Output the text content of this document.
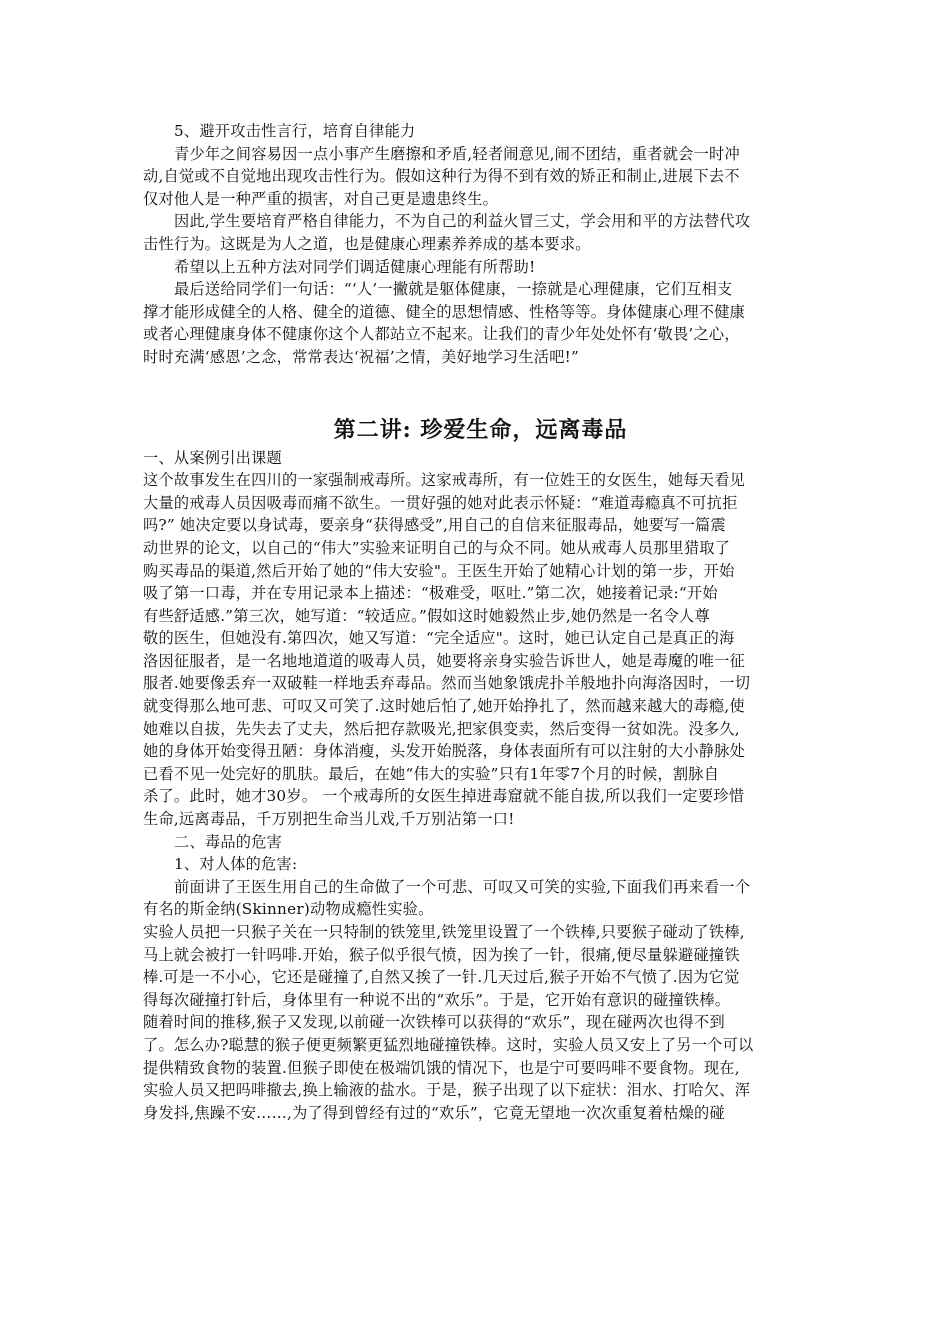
5、避开攻击性言行，培育自律能力
青少年之间容易因一点小事产生磨擦和矛盾,轻者闹意见,闹不团结，重者就会一时冲
动,自觉或不自觉地出现攻击性行为。假如这种行为得不到有效的矫正和制止,进展下去不
仅对他人是一种严重的损害，对自己更是遗患终生。
因此,学生要培育严格自律能力，不为自己的利益火冒三丈，学会用和平的方法替代攻
击性行为。这既是为人之道，也是健康心理素养养成的基本要求。
希望以上五种方法对同学们调适健康心理能有所帮助!
最后送给同学们一句话：“‘人’一撇就是躯体健康，一捺就是心理健康，它们互相支
撑才能形成健全的人格、健全的道德、健全的思想情感、性格等等。身体健康心理不健康
或者心理健康身体不健康你这个人都站立不起来。让我们的青少年处处怀有‘敬畏’之心，
时时充满‘感恩’之念，常常表达‘祝福’之情，美好地学习生活吧!”
第二讲: 珍爱生命，远离毒品
一、从案例引出课题
这个故事发生在四川的一家强制戒毒所。这家戒毒所，有一位姓王的女医生，她每天看见
大量的戒毒人员因吸毒而痛不欲生。一贯好强的她对此表示怀疑：“难道毒瘾真不可抗拒
吗?” 她决定要以身试毒，要亲身“获得感受”,用自己的自信来征服毒品，她要写一篇震
动世界的论文，以自己的“伟大”实验来证明自己的与众不同。她从戒毒人员那里猎取了
购买毒品的渠道,然后开始了她的“伟大安验"。王医生开始了她精心计划的第一步，开始
吸了第一口毒，并在专用记录本上描述：“极难受，呕吐.”第二次，她接着记录:“开始
有些舒适感.”第三次，她写道：“较适应。”假如这时她毅然止步,她仍然是一名令人尊
敬的医生，但她没有.第四次，她又写道：“完全适应"。这时，她已认定自己是真正的海
洛因征服者，是一名地地道道的吸毒人员，她要将亲身实验告诉世人，她是毒魔的唯一征
服者.她要像丢弃一双破鞋一样地丢弃毒品。然而当她象饿虎扑羊般地扑向海洛因时，一切
就变得那么地可悲、可叹又可笑了.这时她后怕了,她开始挣扎了，然而越来越大的毒瘾,使
她难以自拔，先失去了丈夫，然后把存款吸光,把家俱变卖，然后变得一贫如洗。没多久,
她的身体开始变得丑陋：身体消瘦，头发开始脱落，身体表面所有可以注射的大小静脉处
已看不见一处完好的肌肤。最后，在她“伟大的实验”只有1年零7个月的时候，割脉自
杀了。此时，她才30岁。 一个戒毒所的女医生掉进毒窟就不能自拔,所以我们一定要珍惜
生命,远离毒品，千万别把生命当儿戏,千万别沾第一口!
二、毒品的危害
1、对人体的危害:
前面讲了王医生用自己的生命做了一个可悲、可叹又可笑的实验,下面我们再来看一个
有名的斯金纳(Skinner)动物成瘾性实验。
实验人员把一只猴子关在一只特制的铁笼里,铁笼里设置了一个铁棒,只要猴子碰动了铁棒,
马上就会被打一针吗啡.开始，猴子似乎很气愤，因为挨了一针，很痛,便尽量躲避碰撞铁
棒.可是一不小心，它还是碰撞了,自然又挨了一针.几天过后,猴子开始不气愤了.因为它觉
得每次碰撞打针后，身体里有一种说不出的“欢乐”。于是，它开始有意识的碰撞铁棒。
随着时间的推移,猴子又发现,以前碰一次铁棒可以获得的“欢乐”，现在碰两次也得不到
了。怎么办?聪慧的猴子便更频繁更猛烈地碰撞铁棒。这时，实验人员又安上了另一个可以
提供精致食物的装置.但猴子即使在极端饥饿的情况下，也是宁可要吗啡不要食物。现在,
实验人员又把吗啡撤去,换上输液的盐水。于是，猴子出现了以下症状：泪水、打哈欠、浑
身发抖,焦躁不安……,为了得到曾经有过的“欢乐”，它竟无望地一次次重复着枯燥的碰
